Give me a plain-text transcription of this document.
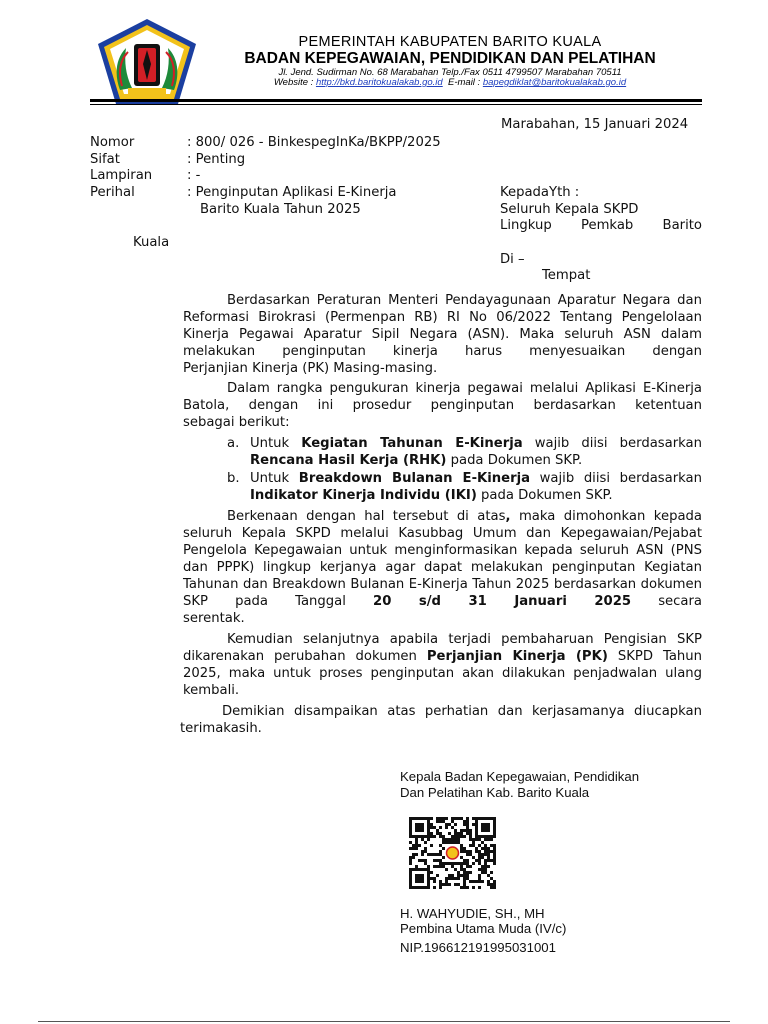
PEMERINTAH KABUPATEN BARITO KUALA
BADAN KEPEGAWAIAN, PENDIDIKAN DAN PELATIHAN
Jl. Jend. Sudirman No. 68 Marabahan Telp./Fax 0511 4799507 Marabahan 70511
Website : http://bkd.baritokualakab.go.id  E-mail : bapegdiklat@baritokualakab.go.id
Marabahan, 15 Januari 2024
Nomor	: 800/ 026 - BinkespegInKa/BKPP/2025
Sifat	: Penting
Lampiran	: -
Perihal	: Penginputan Aplikasi E-Kinerja
Barito Kuala Tahun 2025
KepadaYth :
Seluruh Kepala SKPD
Lingkup Pemkab Barito
Kuala
Di –
Tempat
Berdasarkan Peraturan Menteri Pendayagunaan Aparatur Negara dan Reformasi Birokrasi (Permenpan RB) RI No 06/2022 Tentang Pengelolaan Kinerja Pegawai Aparatur Sipil Negara (ASN). Maka seluruh ASN dalam melakukan penginputan kinerja harus menyesuaikan dengan
Perjanjian Kinerja (PK) Masing-masing.
Dalam rangka pengukuran kinerja pegawai melalui Aplikasi E-Kinerja Batola, dengan ini prosedur penginputan berdasarkan ketentuan
sebagai berikut:
a. Untuk Kegiatan Tahunan E-Kinerja wajib diisi berdasarkan
Rencana Hasil Kerja (RHK) pada Dokumen SKP.
b. Untuk Breakdown Bulanan E-Kinerja wajib diisi berdasarkan
Indikator Kinerja Individu (IKI) pada Dokumen SKP.
Berkenaan dengan hal tersebut di atas, maka dimohonkan kepada seluruh Kepala SKPD melalui Kasubbag Umum dan Kepegawaian/Pejabat Pengelola Kepegawaian untuk menginformasikan kepada seluruh ASN (PNS dan PPPK) lingkup kerjanya agar dapat melakukan penginputan Kegiatan Tahunan dan Breakdown Bulanan E-Kinerja Tahun 2025 berdasarkan dokumen SKP pada Tanggal 20 s/d 31 Januari 2025 secara
serentak.
Kemudian selanjutnya apabila terjadi pembaharuan Pengisian SKP dikarenakan perubahan dokumen Perjanjian Kinerja (PK) SKPD Tahun 2025, maka untuk proses penginputan akan dilakukan penjadwalan ulang
kembali.
Demikian disampaikan atas perhatian dan kerjasamanya diucapkan
terimakasih.
Kepala Badan Kepegawaian, Pendidikan
Dan Pelatihan Kab. Barito Kuala
H. WAHYUDIE, SH., MH
Pembina Utama Muda (IV/c)
NIP.196612191995031001
